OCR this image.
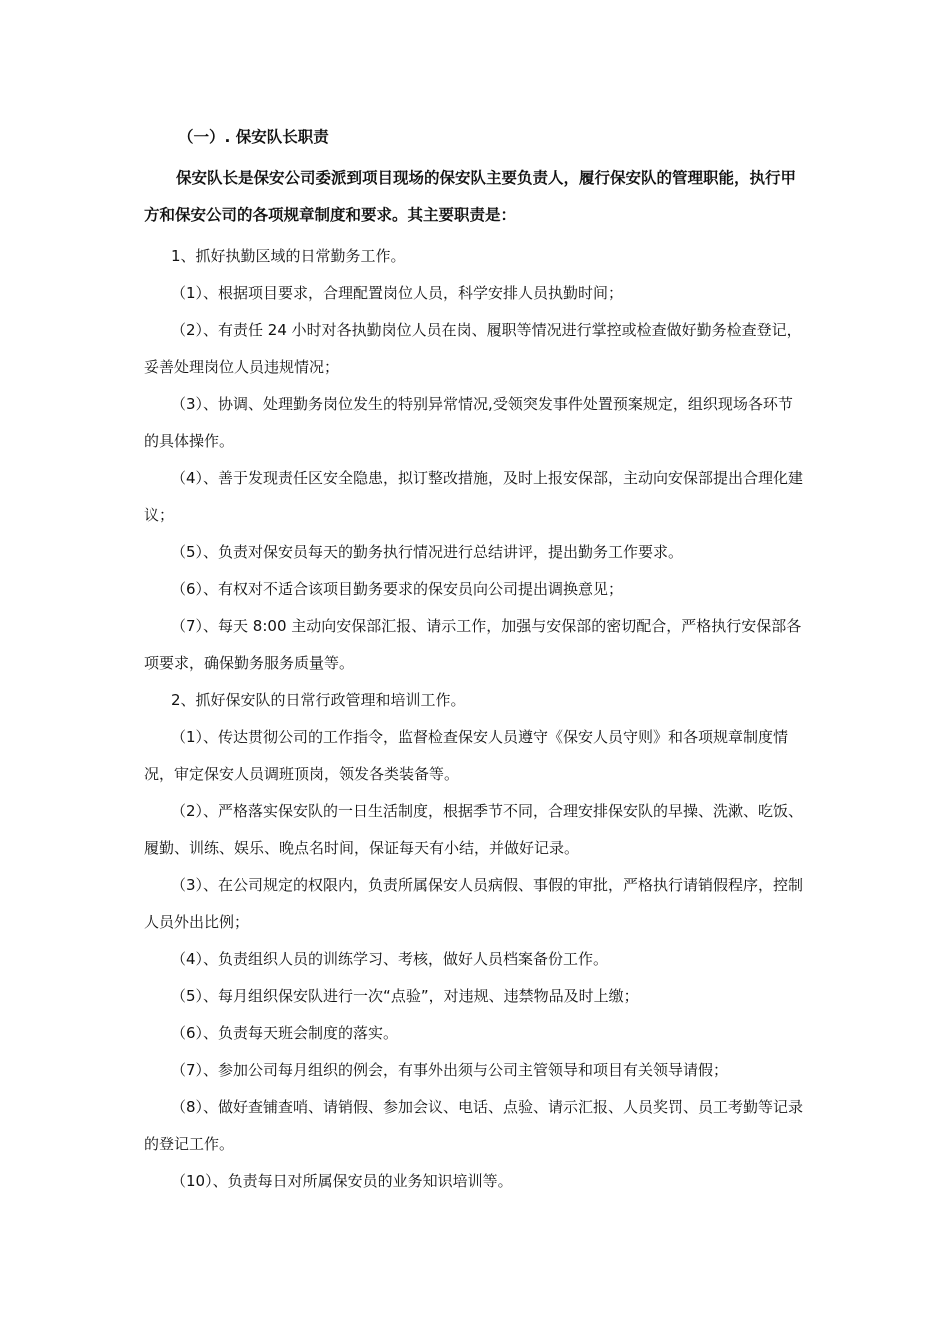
（一）. 保安队长职责

保安队长是保安公司委派到项目现场的保安队主要负责人，履行保安队的管理职能，执行甲方和保安公司的各项规章制度和要求。其主要职责是：

1、抓好执勤区域的日常勤务工作。

（1）、根据项目要求，合理配置岗位人员，科学安排人员执勤时间；

（2）、有责任 24 小时对各执勤岗位人员在岗、履职等情况进行掌控或检查做好勤务检查登记，妥善处理岗位人员违规情况；

（3）、协调、处理勤务岗位发生的特别异常情况,受领突发事件处置预案规定，组织现场各环节的具体操作。

（4）、善于发现责任区安全隐患，拟订整改措施，及时上报安保部，主动向安保部提出合理化建议；

（5）、负责对保安员每天的勤务执行情况进行总结讲评，提出勤务工作要求。

（6）、有权对不适合该项目勤务要求的保安员向公司提出调换意见；

（7）、每天 8:00 主动向安保部汇报、请示工作，加强与安保部的密切配合，严格执行安保部各项要求，确保勤务服务质量等。

2、抓好保安队的日常行政管理和培训工作。

（1）、传达贯彻公司的工作指令，监督检查保安人员遵守《保安人员守则》和各项规章制度情况，审定保安人员调班顶岗，领发各类装备等。

（2）、严格落实保安队的一日生活制度，根据季节不同，合理安排保安队的早操、洗漱、吃饭、履勤、训练、娱乐、晚点名时间，保证每天有小结，并做好记录。

（3）、在公司规定的权限内，负责所属保安人员病假、事假的审批，严格执行请销假程序，控制人员外出比例；

（4）、负责组织人员的训练学习、考核，做好人员档案备份工作。

（5）、每月组织保安队进行一次“点验”，对违规、违禁物品及时上缴；

（6）、负责每天班会制度的落实。

（7）、参加公司每月组织的例会，有事外出须与公司主管领导和项目有关领导请假；

（8）、做好查铺查哨、请销假、参加会议、电话、点验、请示汇报、人员奖罚、员工考勤等记录的登记工作。

（10）、负责每日对所属保安员的业务知识培训等。
